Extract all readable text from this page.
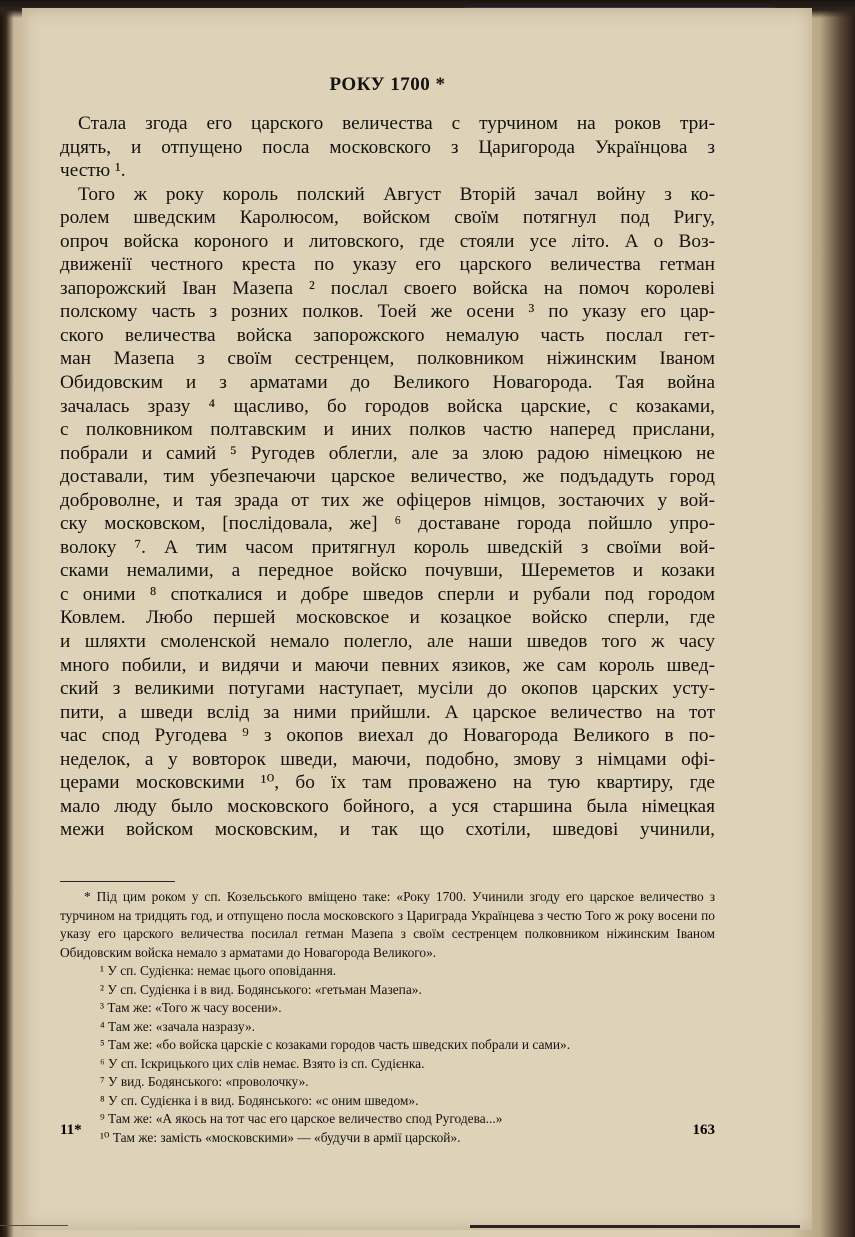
РОКУ 1700 *
Стала згода его царского величества с турчином на роков три-
дцять, и отпущено посла московского з Царигорода Українцова з
честю ¹.
Того ж року король полский Август Вторій зачал войну з ко-
ролем шведским Каролюсом, войском своїм потягнул под Ригу,
опроч войска короного и литовского, где стояли усе літо. А о Воз-
движенії честного креста по указу его царского величества гетман
запорожский Іван Мазепа ² послал своего войска на помоч королеві
полскому часть з розних полков. Тоей же осени ³ по указу его цар-
ского величества войска запорожского немалую часть послал гет-
ман Мазепа з своїм сестренцем, полковником ніжинским Іваном
Обидовским и з арматами до Великого Новагорода. Тая война
зачалась зразу ⁴ щасливо, бо городов войска царские, с козаками,
с полковником полтавским и иних полков частю наперед прислани,
побрали и самий ⁵ Ругодев облегли, але за злою радою німецкою не
доставали, тим убезпечаючи царское величество, же подъдадуть город
доброволне, и тая зрада от тих же офіцеров німцов, зостаючих у вой-
ску московском, [послідовала, же] ⁶ доставане города пойшло упро-
волоку ⁷. А тим часом притягнул король шведскій з своїми вой-
сками немалими, а передное войско почувши, Шереметов и козаки
с оними ⁸ споткалися и добре шведов сперли и рубали под городом
Ковлем. Любо першей московское и козацкое войско сперли, где
и шляхти смоленской немало полегло, але наши шведов того ж часу
много побили, и видячи и маючи певних язиков, же сам король швед-
ский з великими потугами наступает, мусіли до окопов царских усту-
пити, а шведи вслід за ними прийшли. А царское величество на тот
час спод Ругодева ⁹ з окопов виехал до Новагорода Великого в по-
неделок, а у вовторок шведи, маючи, подобно, змову з німцами офі-
церами московскими ¹⁰, бо їх там проважено на тую квартиру, где
мало люду было московского бойного, а уся старшина была німецкая
межи войском московским, и так що схотіли, шведові учинили,
* Під цим роком у сп. Козельського вміщено таке: «Року 1700. Учинили згоду его царское величество з турчином на тридцять год, и отпущено посла московского з Цариграда Українцева з честю Того ж року восени по указу его царского величества посилал гетман Мазепа з своїм сестренцем полковником ніжинским Іваном Обидовским войска немало з арматами до Новагорода Великого».
¹ У сп. Судієнка: немає цього оповідання.
² У сп. Судієнка і в вид. Бодянського: «гетьман Мазепа».
³ Там же: «Того ж часу восени».
⁴ Там же: «зачала назразу».
⁵ Там же: «бо войска царскіе с козаками городов часть шведских побрали и сами».
⁶ У сп. Іскрицького цих слів немає. Взято із сп. Судієнка.
⁷ У вид. Бодянського: «проволочку».
⁸ У сп. Судієнка і в вид. Бодянського: «с оним шведом».
⁹ Там же: «А якось на тот час его царское величество спод Ругодева...»
¹⁰ Там же: замість «московскими» — «будучи в армії царской».
11*	163
